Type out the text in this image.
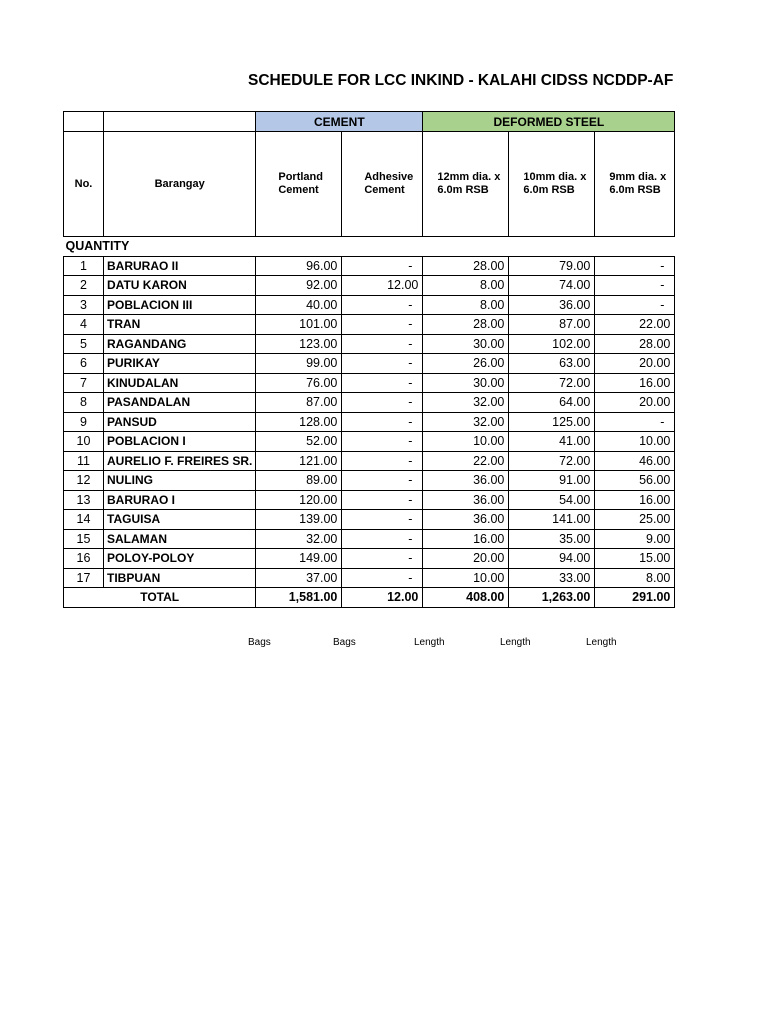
SCHEDULE FOR LCC INKIND - KALAHI CIDSS NCDDP-AF
		CEMENT		DEFORMED STEEL		
No.	Barangay	Portland Cement	Adhesive Cement	12mm dia. x 6.0m RSB	10mm dia. x 6.0m RSB	9mm dia. x 6.0m RSB
QUANTITY						
1	BARURAO II	96.00	-	28.00	79.00	-
2	DATU KARON	92.00	12.00	8.00	74.00	-
3	POBLACION III	40.00	-	8.00	36.00	-
4	TRAN	101.00	-	28.00	87.00	22.00
5	RAGANDANG	123.00	-	30.00	102.00	28.00
6	PURIKAY	99.00	-	26.00	63.00	20.00
7	KINUDALAN	76.00	-	30.00	72.00	16.00
8	PASANDALAN	87.00	-	32.00	64.00	20.00
9	PANSUD	128.00	-	32.00	125.00	-
10	POBLACION I	52.00	-	10.00	41.00	10.00
11	AURELIO F. FREIRES SR.	121.00	-	22.00	72.00	46.00
12	NULING	89.00	-	36.00	91.00	56.00
13	BARURAO I	120.00	-	36.00	54.00	16.00
14	TAGUISA	139.00	-	36.00	141.00	25.00
15	SALAMAN	32.00	-	16.00	35.00	9.00
16	POLOY-POLOY	149.00	-	20.00	94.00	15.00
17	TIBPUAN	37.00	-	10.00	33.00	8.00
TOTAL		1,581.00	12.00	408.00	1,263.00	291.00
Bags	Bags	Length	Length	Length
